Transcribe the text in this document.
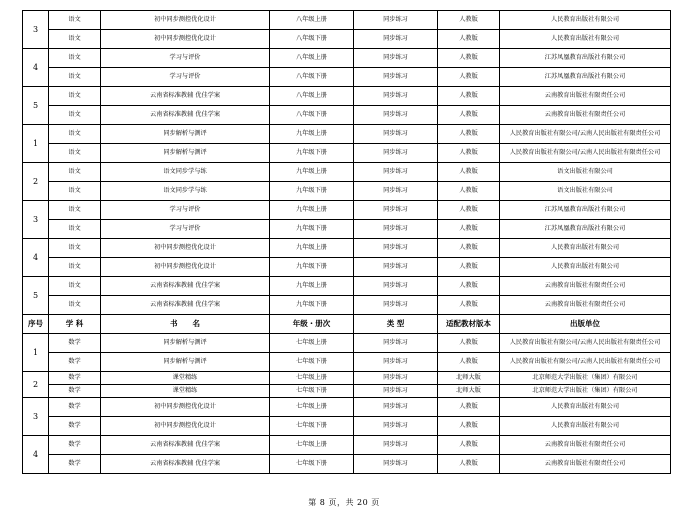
3	语文	初中同步测控优化设计	八年级上册	同步练习	人教版	人民教育出版社有限公司
	语文	初中同步测控优化设计	八年级下册	同步练习	人教版	人民教育出版社有限公司
4	语文	学习与评价	八年级上册	同步练习	人教版	江苏凤凰教育出版社有限公司
	语文	学习与评价	八年级下册	同步练习	人教版	江苏凤凰教育出版社有限公司
5	语文	云南省标准教辅 优佳学案	八年级上册	同步练习	人教版	云南教育出版社有限责任公司
	语文	云南省标准教辅 优佳学案	八年级下册	同步练习	人教版	云南教育出版社有限责任公司
1	语文	同步解析与测评	九年级上册	同步练习	人教版	人民教育出版社有限公司/云南人民出版社有限责任公司
	语文	同步解析与测评	九年级下册	同步练习	人教版	人民教育出版社有限公司/云南人民出版社有限责任公司
2	语文	语文同步学与练	九年级上册	同步练习	人教版	语文出版社有限公司
	语文	语文同步学与练	九年级下册	同步练习	人教版	语文出版社有限公司
3	语文	学习与评价	九年级上册	同步练习	人教版	江苏凤凰教育出版社有限公司
	语文	学习与评价	九年级下册	同步练习	人教版	江苏凤凰教育出版社有限公司
4	语文	初中同步测控优化设计	九年级上册	同步练习	人教版	人民教育出版社有限公司
	语文	初中同步测控优化设计	九年级下册	同步练习	人教版	人民教育出版社有限公司
5	语文	云南省标准教辅 优佳学案	九年级上册	同步练习	人教版	云南教育出版社有限责任公司
	语文	云南省标准教辅 优佳学案	九年级下册	同步练习	人教版	云南教育出版社有限责任公司
序号	学 科	书　　名	年级・册次	类 型	适配教材版本	出版单位
1	数学	同步解析与测评	七年级上册	同步练习	人教版	人民教育出版社有限公司/云南人民出版社有限责任公司
	数学	同步解析与测评	七年级下册	同步练习	人教版	人民教育出版社有限公司/云南人民出版社有限责任公司
2	数学	课堂精练	七年级上册	同步练习	北师大版	北京师范大学出版社（集团）有限公司
	数学	课堂精练	七年级下册	同步练习	北师大版	北京师范大学出版社（集团）有限公司
3	数学	初中同步测控优化设计	七年级上册	同步练习	人教版	人民教育出版社有限公司
	数学	初中同步测控优化设计	七年级下册	同步练习	人教版	人民教育出版社有限公司
4	数学	云南省标准教辅 优佳学案	七年级上册	同步练习	人教版	云南教育出版社有限责任公司
	数学	云南省标准教辅 优佳学案	七年级下册	同步练习	人教版	云南教育出版社有限责任公司
第 8 页，共 20 页
